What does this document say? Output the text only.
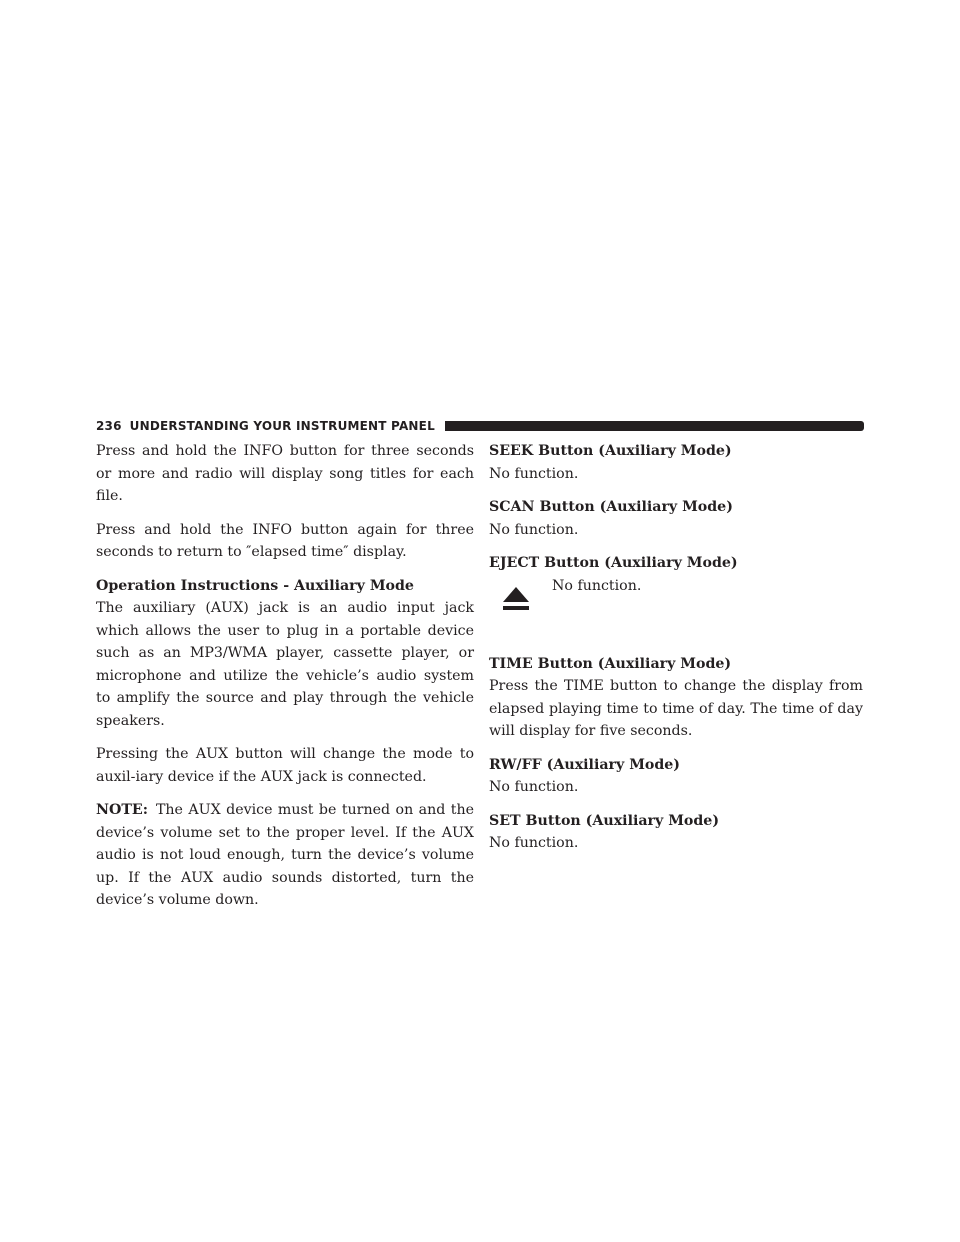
236 UNDERSTANDING YOUR INSTRUMENT PANEL

Press and hold the INFO button for three seconds or more and radio will display song titles for each file.

Press and hold the INFO button again for three seconds to return to ″elapsed time″ display.

Operation Instructions - Auxiliary Mode
The auxiliary (AUX) jack is an audio input jack which allows the user to plug in a portable device such as an MP3/WMA player, cassette player, or microphone and utilize the vehicle’s audio system to amplify the source and play through the vehicle speakers.

Pressing the AUX button will change the mode to auxil-iary device if the AUX jack is connected.

NOTE: The AUX device must be turned on and the device’s volume set to the proper level. If the AUX audio is not loud enough, turn the device’s volume up. If the AUX audio sounds distorted, turn the device’s volume down.

SEEK Button (Auxiliary Mode)
No function.
SCAN Button (Auxiliary Mode)
No function.
EJECT Button (Auxiliary Mode)
No function.
TIME Button (Auxiliary Mode)

Press the TIME button to change the display from elapsed playing time to time of day. The time of day will display for five seconds.

RW/FF (Auxiliary Mode)
No function.
SET Button (Auxiliary Mode)
No function.
